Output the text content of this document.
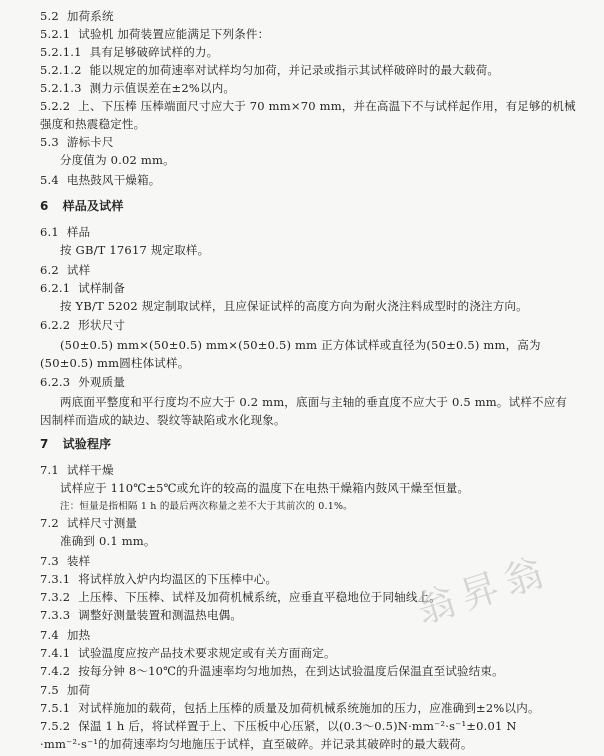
5.2 加荷系统
5.2.1 试验机 加荷装置应能满足下列条件：
5.2.1.1 具有足够破碎试样的力。
5.2.1.2 能以规定的加荷速率对试样均匀加荷，并记录或指示其试样破碎时的最大载荷。
5.2.1.3 测力示值误差在±2%以内。
5.2.2 上、下压棒 压棒端面尺寸应大于 70 mm×70 mm，并在高温下不与试样起作用，有足够的机械
强度和热震稳定性。
5.3 游标卡尺
分度值为 0.02 mm。
5.4 电热鼓风干燥箱。
6 样品及试样
6.1 样品
按 GB/T 17617 规定取样。
6.2 试样
6.2.1 试样制备
按 YB/T 5202 规定制取试样，且应保证试样的高度方向为耐火浇注料成型时的浇注方向。
6.2.2 形状尺寸
(50±0.5) mm×(50±0.5) mm×(50±0.5) mm 正方体试样或直径为(50±0.5) mm，高为
(50±0.5) mm圆柱体试样。
6.2.3 外观质量
两底面平整度和平行度均不应大于 0.2 mm，底面与主轴的垂直度不应大于 0.5 mm。试样不应有
因制样而造成的缺边、裂纹等缺陷或水化现象。
7 试验程序
7.1 试样干燥
试样应于 110℃±5℃或允许的较高的温度下在电热干燥箱内鼓风干燥至恒量。
注：恒量是指相隔 1 h 的最后两次称量之差不大于其前次的 0.1%。
7.2 试样尺寸测量
准确到 0.1 mm。
7.3 装样
7.3.1 将试样放入炉内均温区的下压棒中心。
7.3.2 上压棒、下压棒、试样及加荷机械系统，应垂直平稳地位于同轴线上。
7.3.3 调整好测量装置和测温热电偶。
7.4 加热
7.4.1 试验温度应按产品技术要求规定或有关方面商定。
7.4.2 按每分钟 8～10℃的升温速率均匀地加热，在到达试验温度后保温直至试验结束。
7.5 加荷
7.5.1 对试样施加的载荷，包括上压棒的质量及加荷机械系统施加的压力，应准确到±2%以内。
7.5.2 保温 1 h 后，将试样置于上、下压板中心压紧，以(0.3～0.5)N·mm⁻²·s⁻¹±0.01 N
·mm⁻²·s⁻¹的加荷速率均匀地施压于试样，直至破碎。并记录其破碎时的最大载荷。
翁昇翁
